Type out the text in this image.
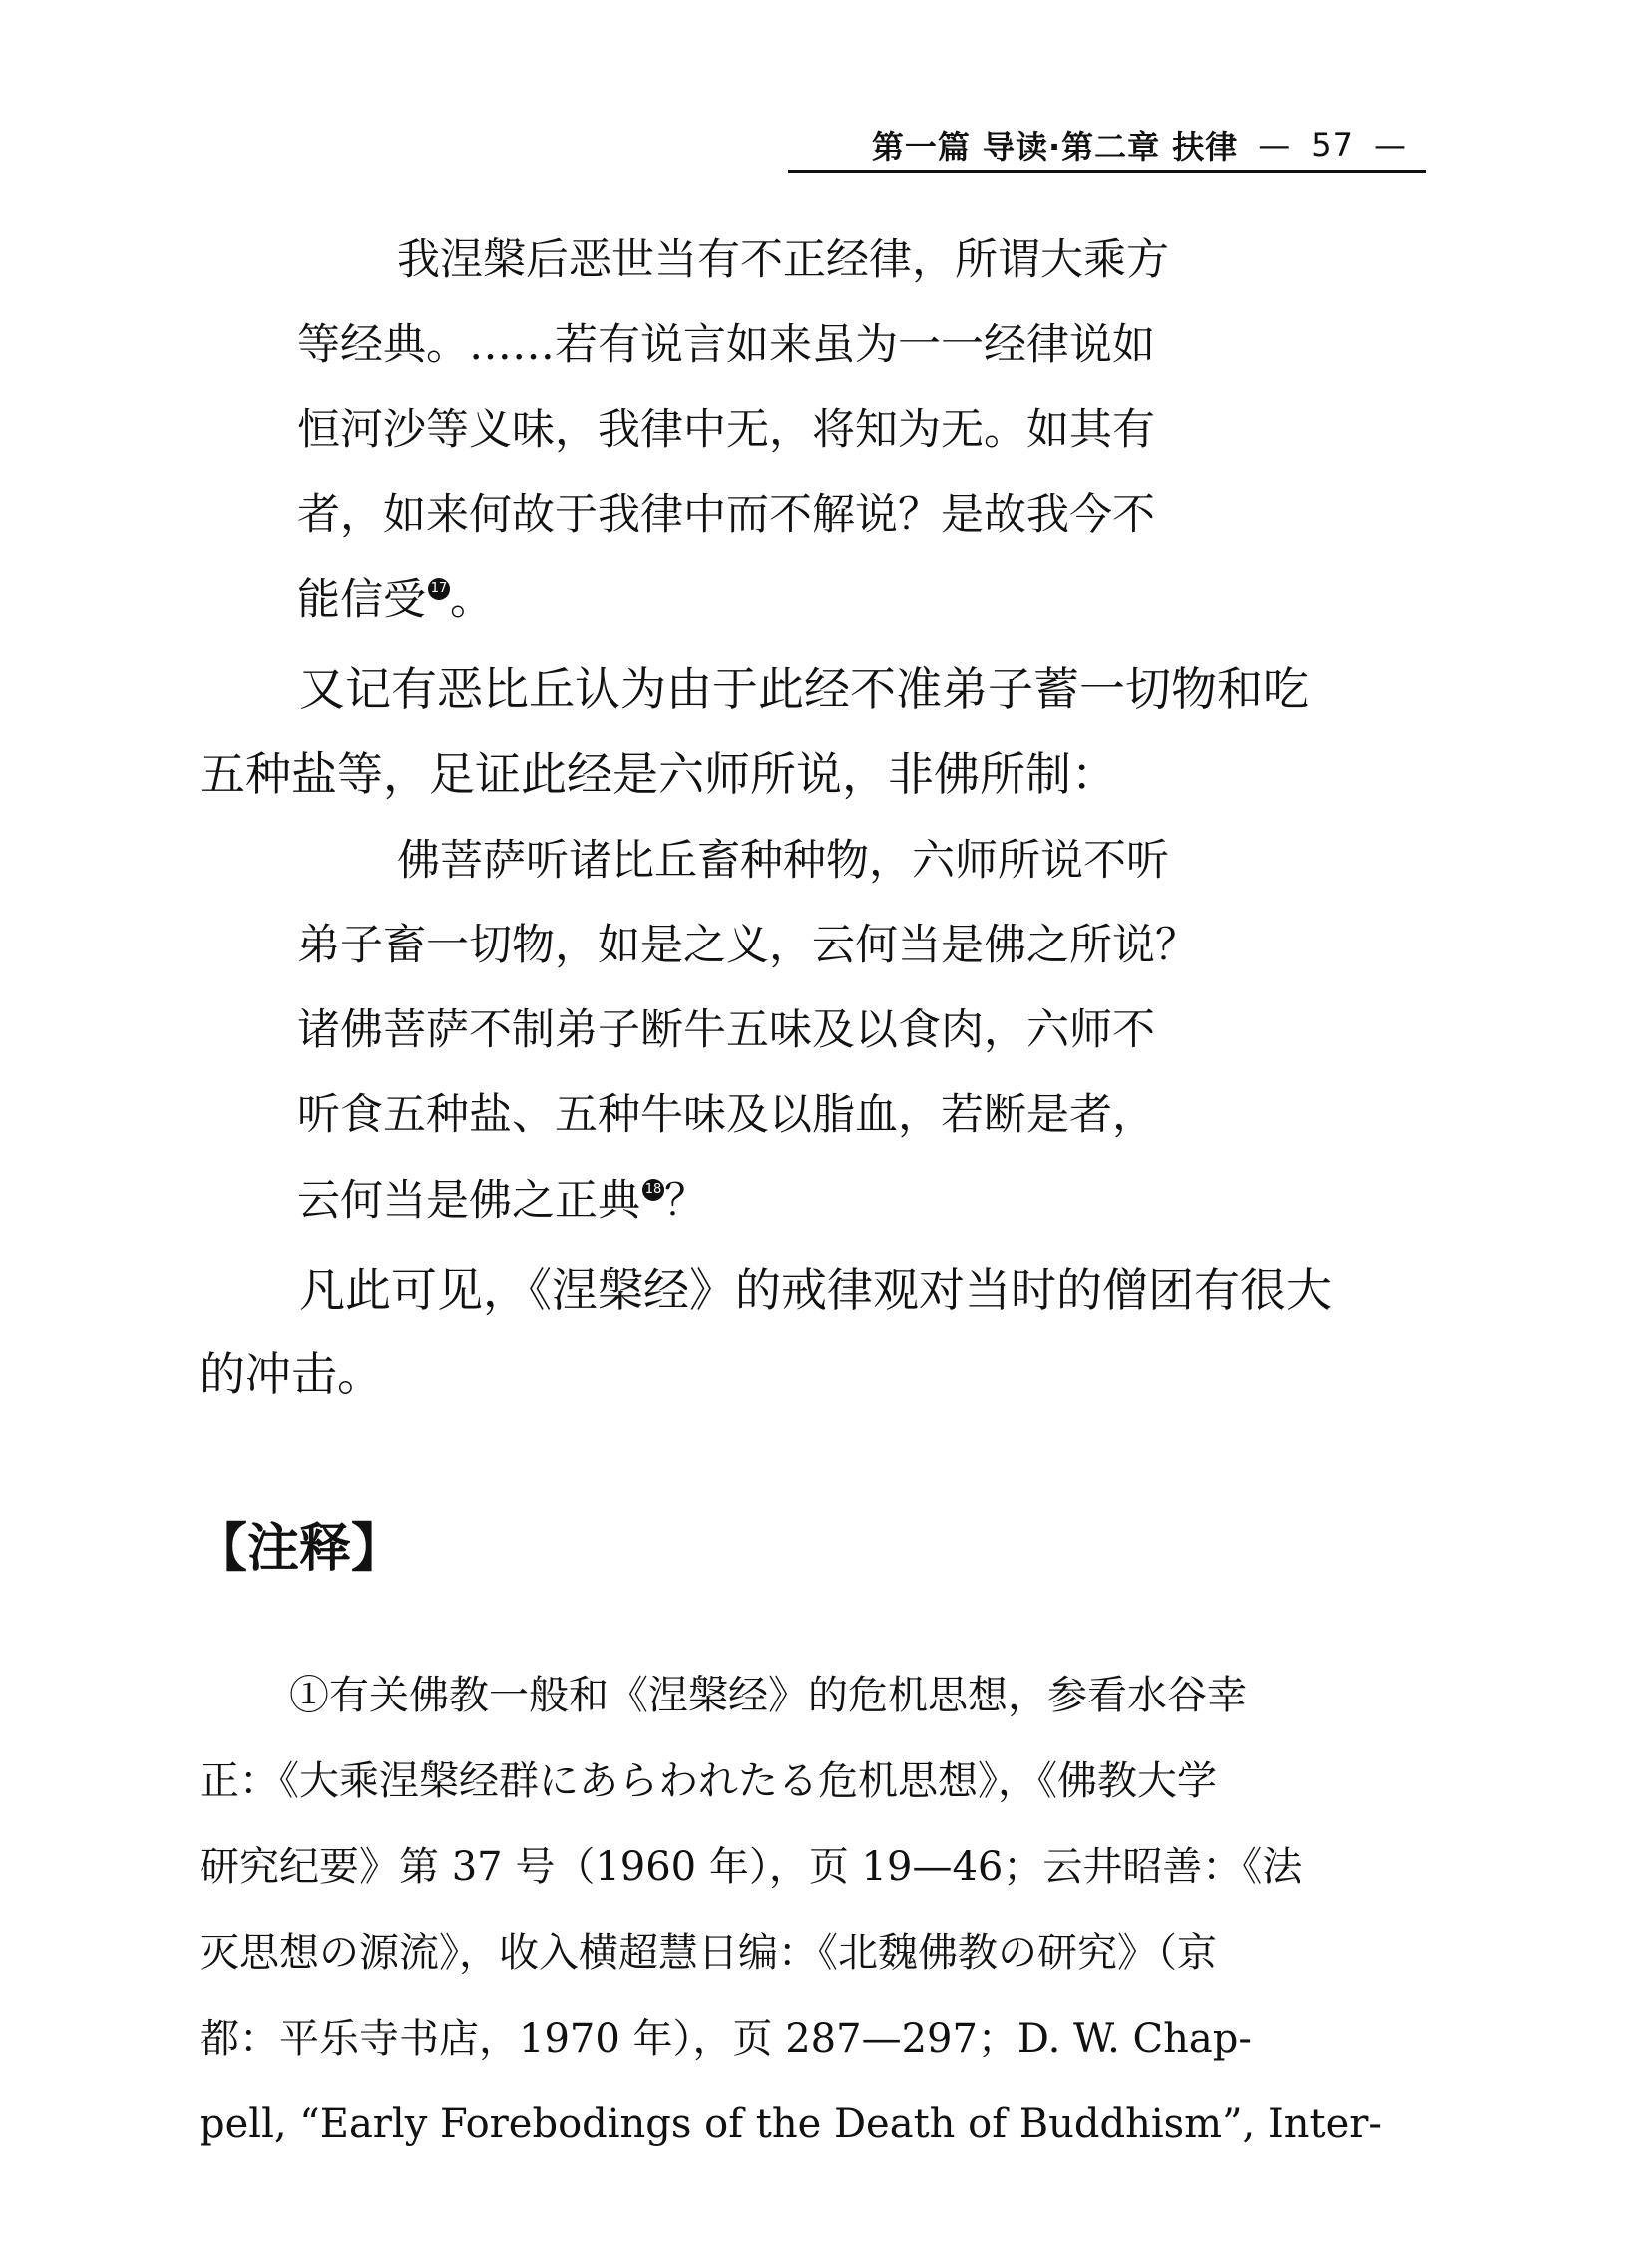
第一篇 导读·第二章 扶律 — 57 —
我涅槃后恶世当有不正经律，所谓大乘方
等经典。……若有说言如来虽为一一经律说如
恒河沙等义味，我律中无，将知为无。如其有
者，如来何故于我律中而不解说？是故我今不
能信受 $^{17}$。
又记有恶比丘认为由于此经不准弟子蓄一切物和吃
五种盐等，足证此经是六师所说，非佛所制：
佛菩萨听诸比丘畜种种物，六师所说不听
弟子畜一切物，如是之义，云何当是佛之所说？
诸佛菩萨不制弟子断牛五味及以食肉，六师不
听食五种盐、五种牛味及以脂血，若断是者，
云何当是佛之正典 $^{18}$？
凡此可见，《涅槃经》的戒律观对当时的僧团有很大
的冲击。
【注释】
①有关佛教一般和《涅槃经》的危机思想，参看水谷幸
正：《大乘涅槃经群にあらわれたる危机思想》，《佛教大学
研究纪要》第 37 号（1960 年），页 19—46；云井昭善：《法
灭思想の源流》，收入横超慧日编：《北魏佛教の研究》（京
都：平乐寺书店，1970 年），页 287—297；D. W. Chap-
pell, “Early Forebodings of the Death of Buddhism”, Inter-
